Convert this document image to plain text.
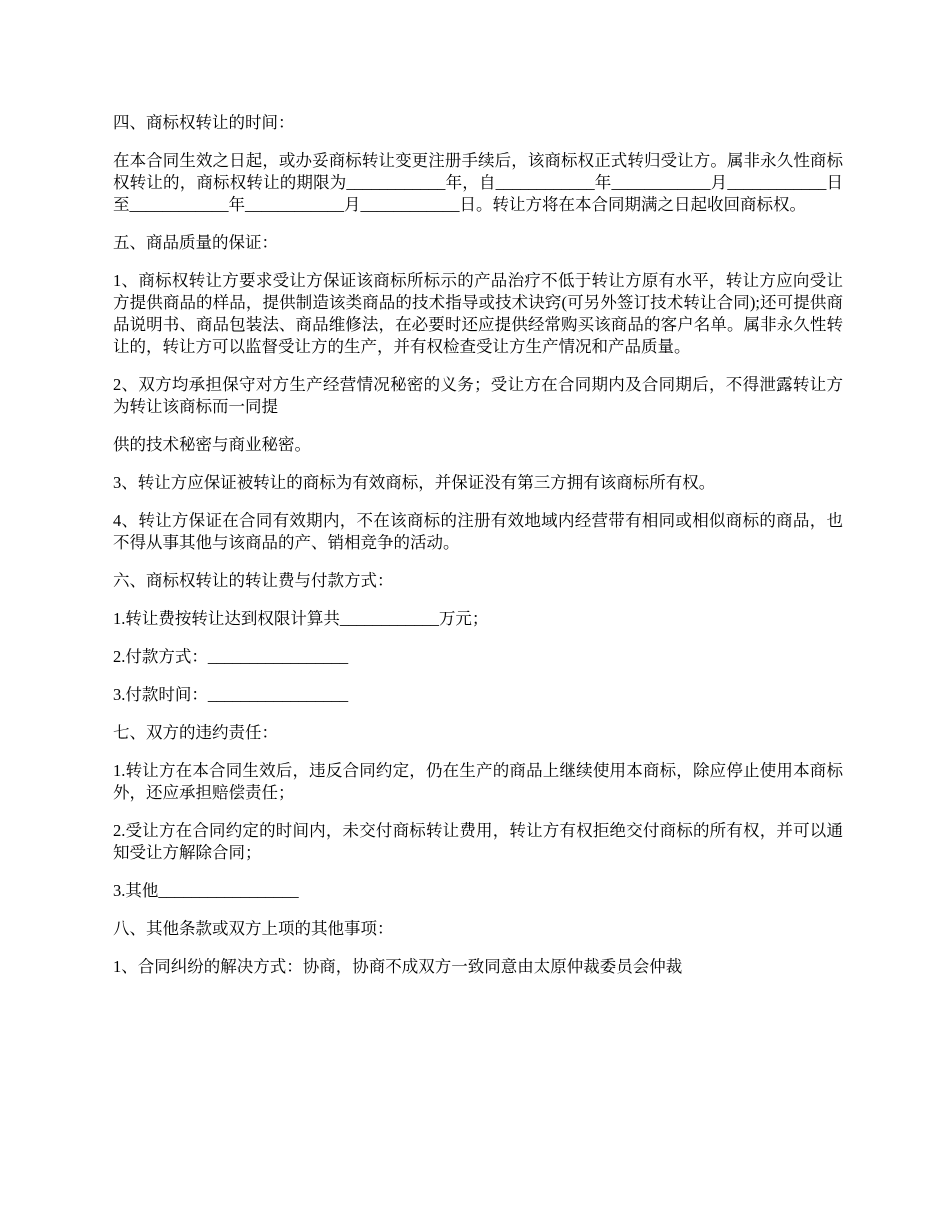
四、商标权转让的时间：

在本合同生效之日起，或办妥商标转让变更注册手续后，该商标权正式转归受让方。属非永久性商标权转让的，商标权转让的期限为____________年，自____________年____________月____________日至____________年____________月____________日。转让方将在本合同期满之日起收回商标权。

五、商品质量的保证：

1、商标权转让方要求受让方保证该商标所标示的产品治疗不低于转让方原有水平，转让方应向受让方提供商品的样品，提供制造该类商品的技术指导或技术诀窍(可另外签订技术转让合同);还可提供商品说明书、商品包装法、商品维修法，在必要时还应提供经常购买该商品的客户名单。属非永久性转让的，转让方可以监督受让方的生产，并有权检查受让方生产情况和产品质量。

2、双方均承担保守对方生产经营情况秘密的义务；受让方在合同期内及合同期后，不得泄露转让方为转让该商标而一同提

供的技术秘密与商业秘密。

3、转让方应保证被转让的商标为有效商标，并保证没有第三方拥有该商标所有权。

4、转让方保证在合同有效期内，不在该商标的注册有效地域内经营带有相同或相似商标的商品，也不得从事其他与该商品的产、销相竞争的活动。

六、商标权转让的转让费与付款方式：

1.转让费按转让达到权限计算共____________万元；

2.付款方式：_________________

3.付款时间：_________________

七、双方的违约责任：

1.转让方在本合同生效后，违反合同约定，仍在生产的商品上继续使用本商标，除应停止使用本商标外，还应承担赔偿责任；

2.受让方在合同约定的时间内，未交付商标转让费用，转让方有权拒绝交付商标的所有权，并可以通知受让方解除合同；

3.其他_________________

八、其他条款或双方上项的其他事项：

1、合同纠纷的解决方式：协商，协商不成双方一致同意由太原仲裁委员会仲裁
